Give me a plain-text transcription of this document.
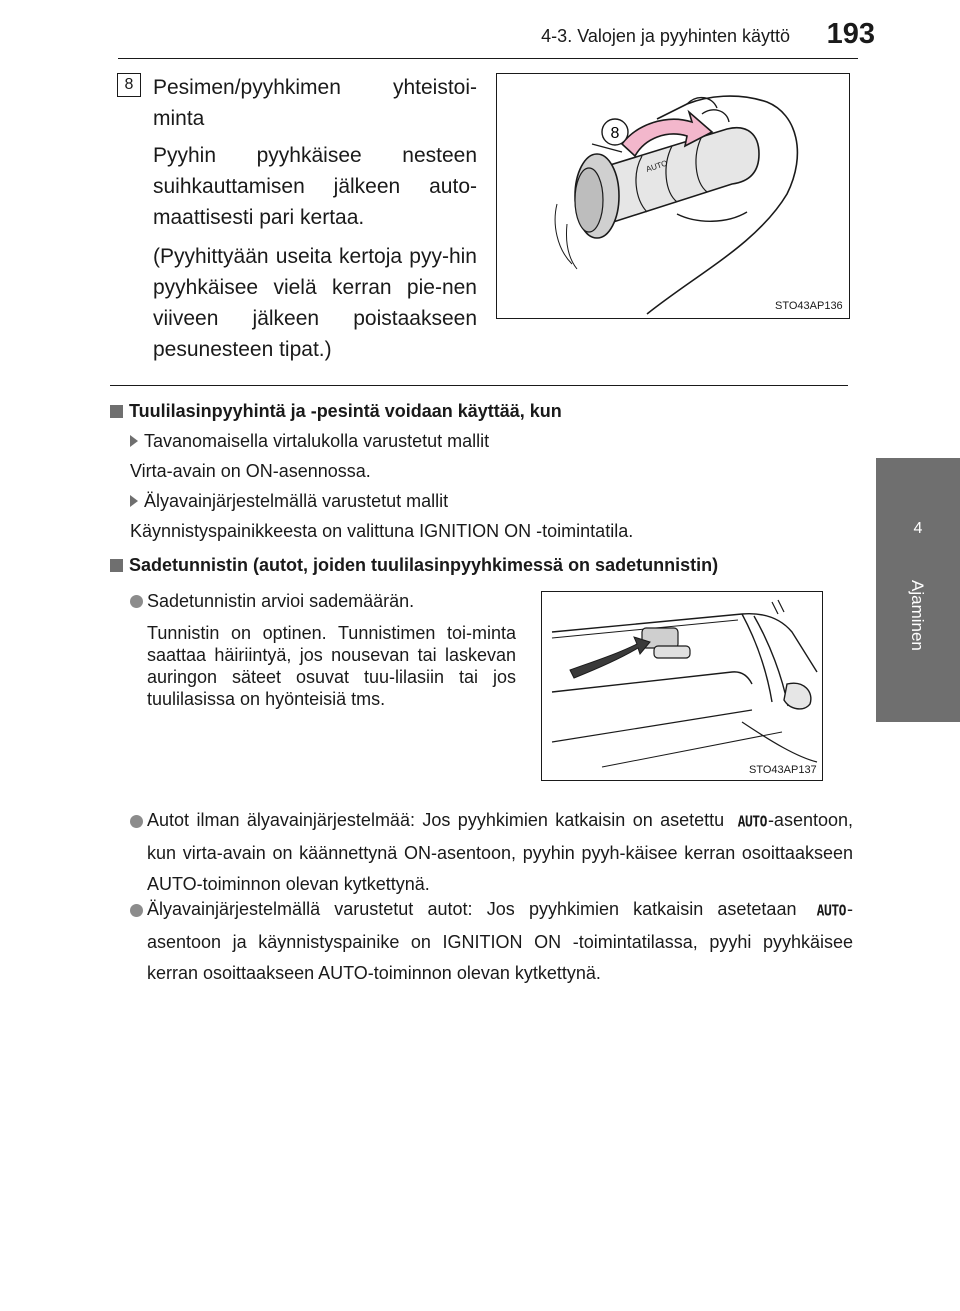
4-3. Valojen ja pyyhinten käyttö	193
4
Ajaminen
8 Pesimen/pyyhkimen yhteistoi-minta

Pyyhin pyyhkäisee nesteen suihkauttamisen jälkeen auto-maattisesti pari kertaa.

(Pyyhittyään useita kertoja pyy-hin pyyhkäisee vielä kerran pie-nen viiveen jälkeen poistaakseen pesunesteen tipat.)

AUTO
8
STO43AP136
Tuulilasinpyyhintä ja -pesintä voidaan käyttää, kun
Tavanomaisella virtalukolla varustetut mallit
Virta-avain on ON-asennossa.
Älyavainjärjestelmällä varustetut mallit
Käynnistyspainikkeesta on valittuna IGNITION ON -toimintatila.
Sadetunnistin (autot, joiden tuulilasinpyyhkimessä on sadetunnistin)
Sadetunnistin arvioi sademäärän.
Tunnistin on optinen. Tunnistimen toi-minta saattaa häiriintyä, jos nousevan tai laskevan auringon säteet osuvat tuu-lilasiin tai jos tuulilasissa on hyönteisiä tms.
STO43AP137
Autot ilman älyavainjärjestelmää: Jos pyyhkimien katkaisin on asetettu AUTO-asentoon, kun virta-avain on käännettynä ON-asentoon, pyyhin pyyh-käisee kerran osoittaakseen AUTO-toiminnon olevan kytkettynä.
Älyavainjärjestelmällä varustetut autot: Jos pyyhkimien katkaisin asetetaan AUTO-asentoon ja käynnistyspainike on IGNITION ON -toimintatilassa, pyyhi pyyhkäisee kerran osoittaakseen AUTO-toiminnon olevan kytkettynä.
